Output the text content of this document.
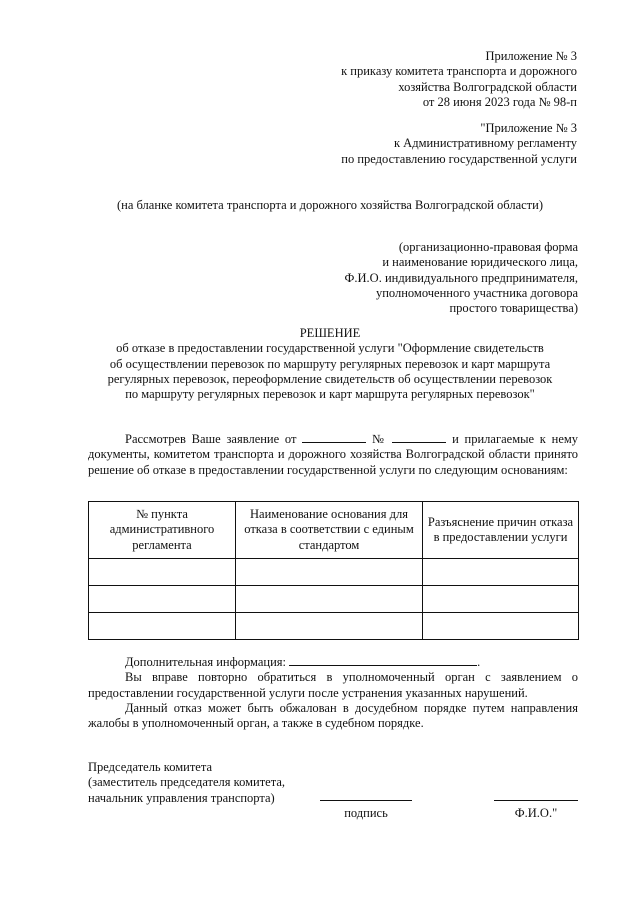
Приложение № 3
к приказу комитета транспорта и дорожного
хозяйства Волгоградской области
от 28 июня 2023 года № 98-п
"Приложение № 3
к Административному регламенту
по предоставлению государственной услуги
(на бланке комитета транспорта и дорожного хозяйства Волгоградской области)
(организационно-правовая форма
и наименование юридического лица,
Ф.И.О. индивидуального предпринимателя,
уполномоченного участника договора
простого товарищества)
РЕШЕНИЕ
об отказе в предоставлении государственной услуги "Оформление свидетельств
об осуществлении перевозок по маршруту регулярных перевозок и карт маршрута
регулярных перевозок, переоформление свидетельств об осуществлении перевозок
по маршруту регулярных перевозок и карт маршрута регулярных перевозок"

Рассмотрев Ваше заявление от	№	и прилагаемые к нему документы, комитетом транспорта и дорожного хозяйства Волгоградской области принято решение об отказе в предоставлении государственной услуги по следующим основаниям:

№ пункта административного регламента	Наименование основания для отказа в соответствии с единым стандартом	Разъяснение причин отказа в предоставлении услуги

Дополнительная информация:	.

Вы вправе повторно обратиться в уполномоченный орган с заявлением о предоставлении государственной услуги после устранения указанных нарушений.

Данный отказ может быть обжалован в досудебном порядке путем направления жалобы в уполномоченный орган, а также в судебном порядке.

Председатель комитета
(заместитель председателя комитета,
начальник управления транспорта)
подпись	Ф.И.О."
